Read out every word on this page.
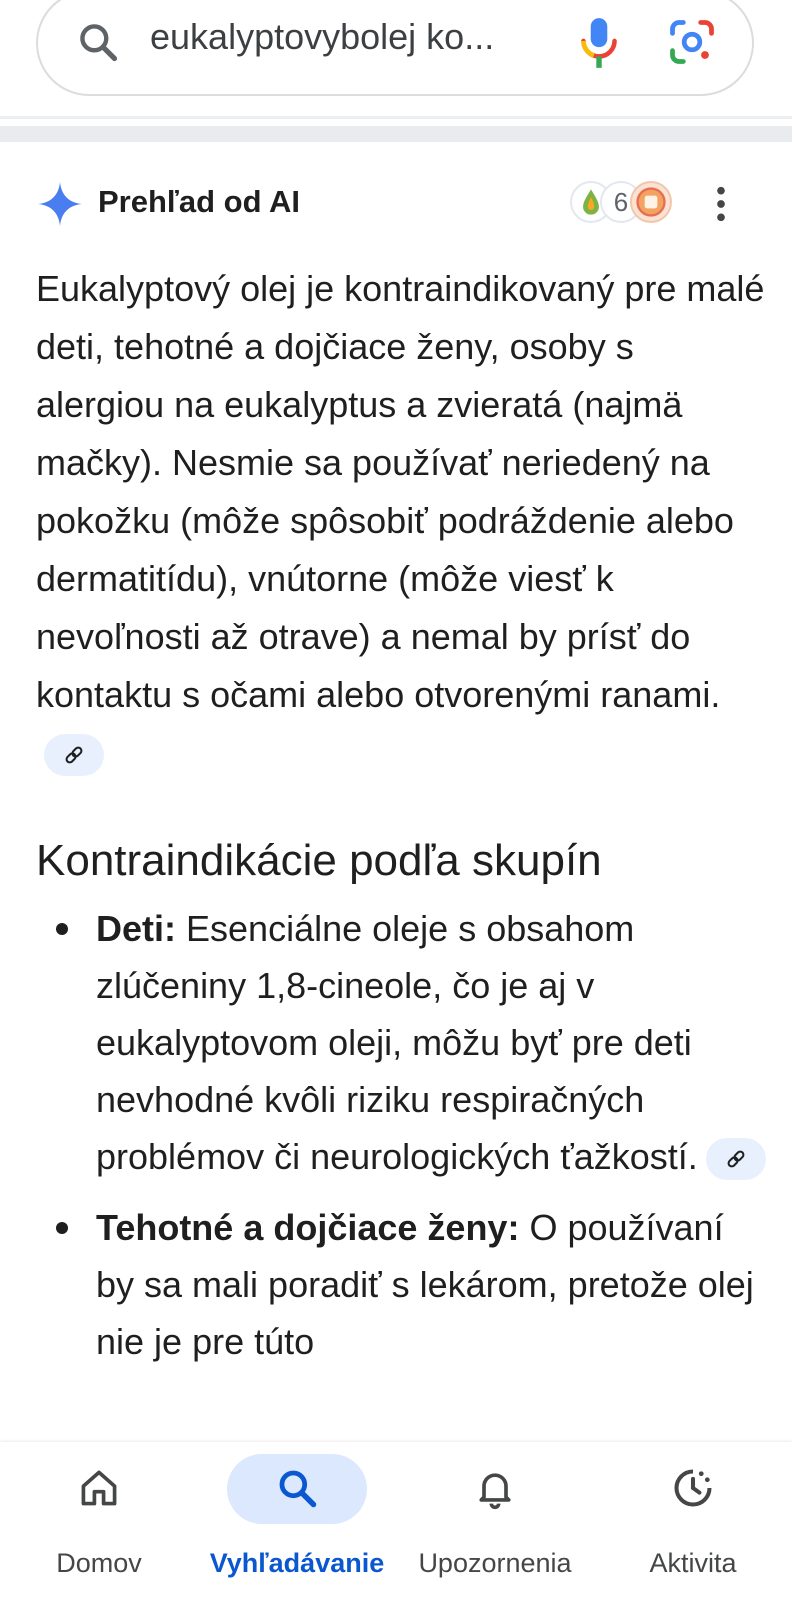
eukalyptovybolej ko...
Prehľad od AI	6

Eukalyptový olej je kontraindikovaný pre malé deti, tehotné a dojčiace ženy, osoby s alergiou na eukalyptus a zvieratá (najmä mačky). Nesmie sa používať neriedený na pokožku (môže spôsobiť podráždenie alebo dermatitídu), vnútorne (môže viesť k nevoľnosti až otrave) a nemal by prísť do kontaktu s očami alebo otvorenými ranami.

Kontraindikácie podľa skupín
Deti: Esenciálne oleje s obsahom zlúčeniny 1,8-cineole, čo je aj v eukalyptovom oleji, môžu byť pre deti nevhodné kvôli riziku respiračných problémov či neurologických ťažkostí.
Tehotné a dojčiace ženy: O používaní by sa mali poradiť s lekárom, pretože olej nie je pre túto
Domov	Vyhľadávanie	Upozornenia	Aktivita
